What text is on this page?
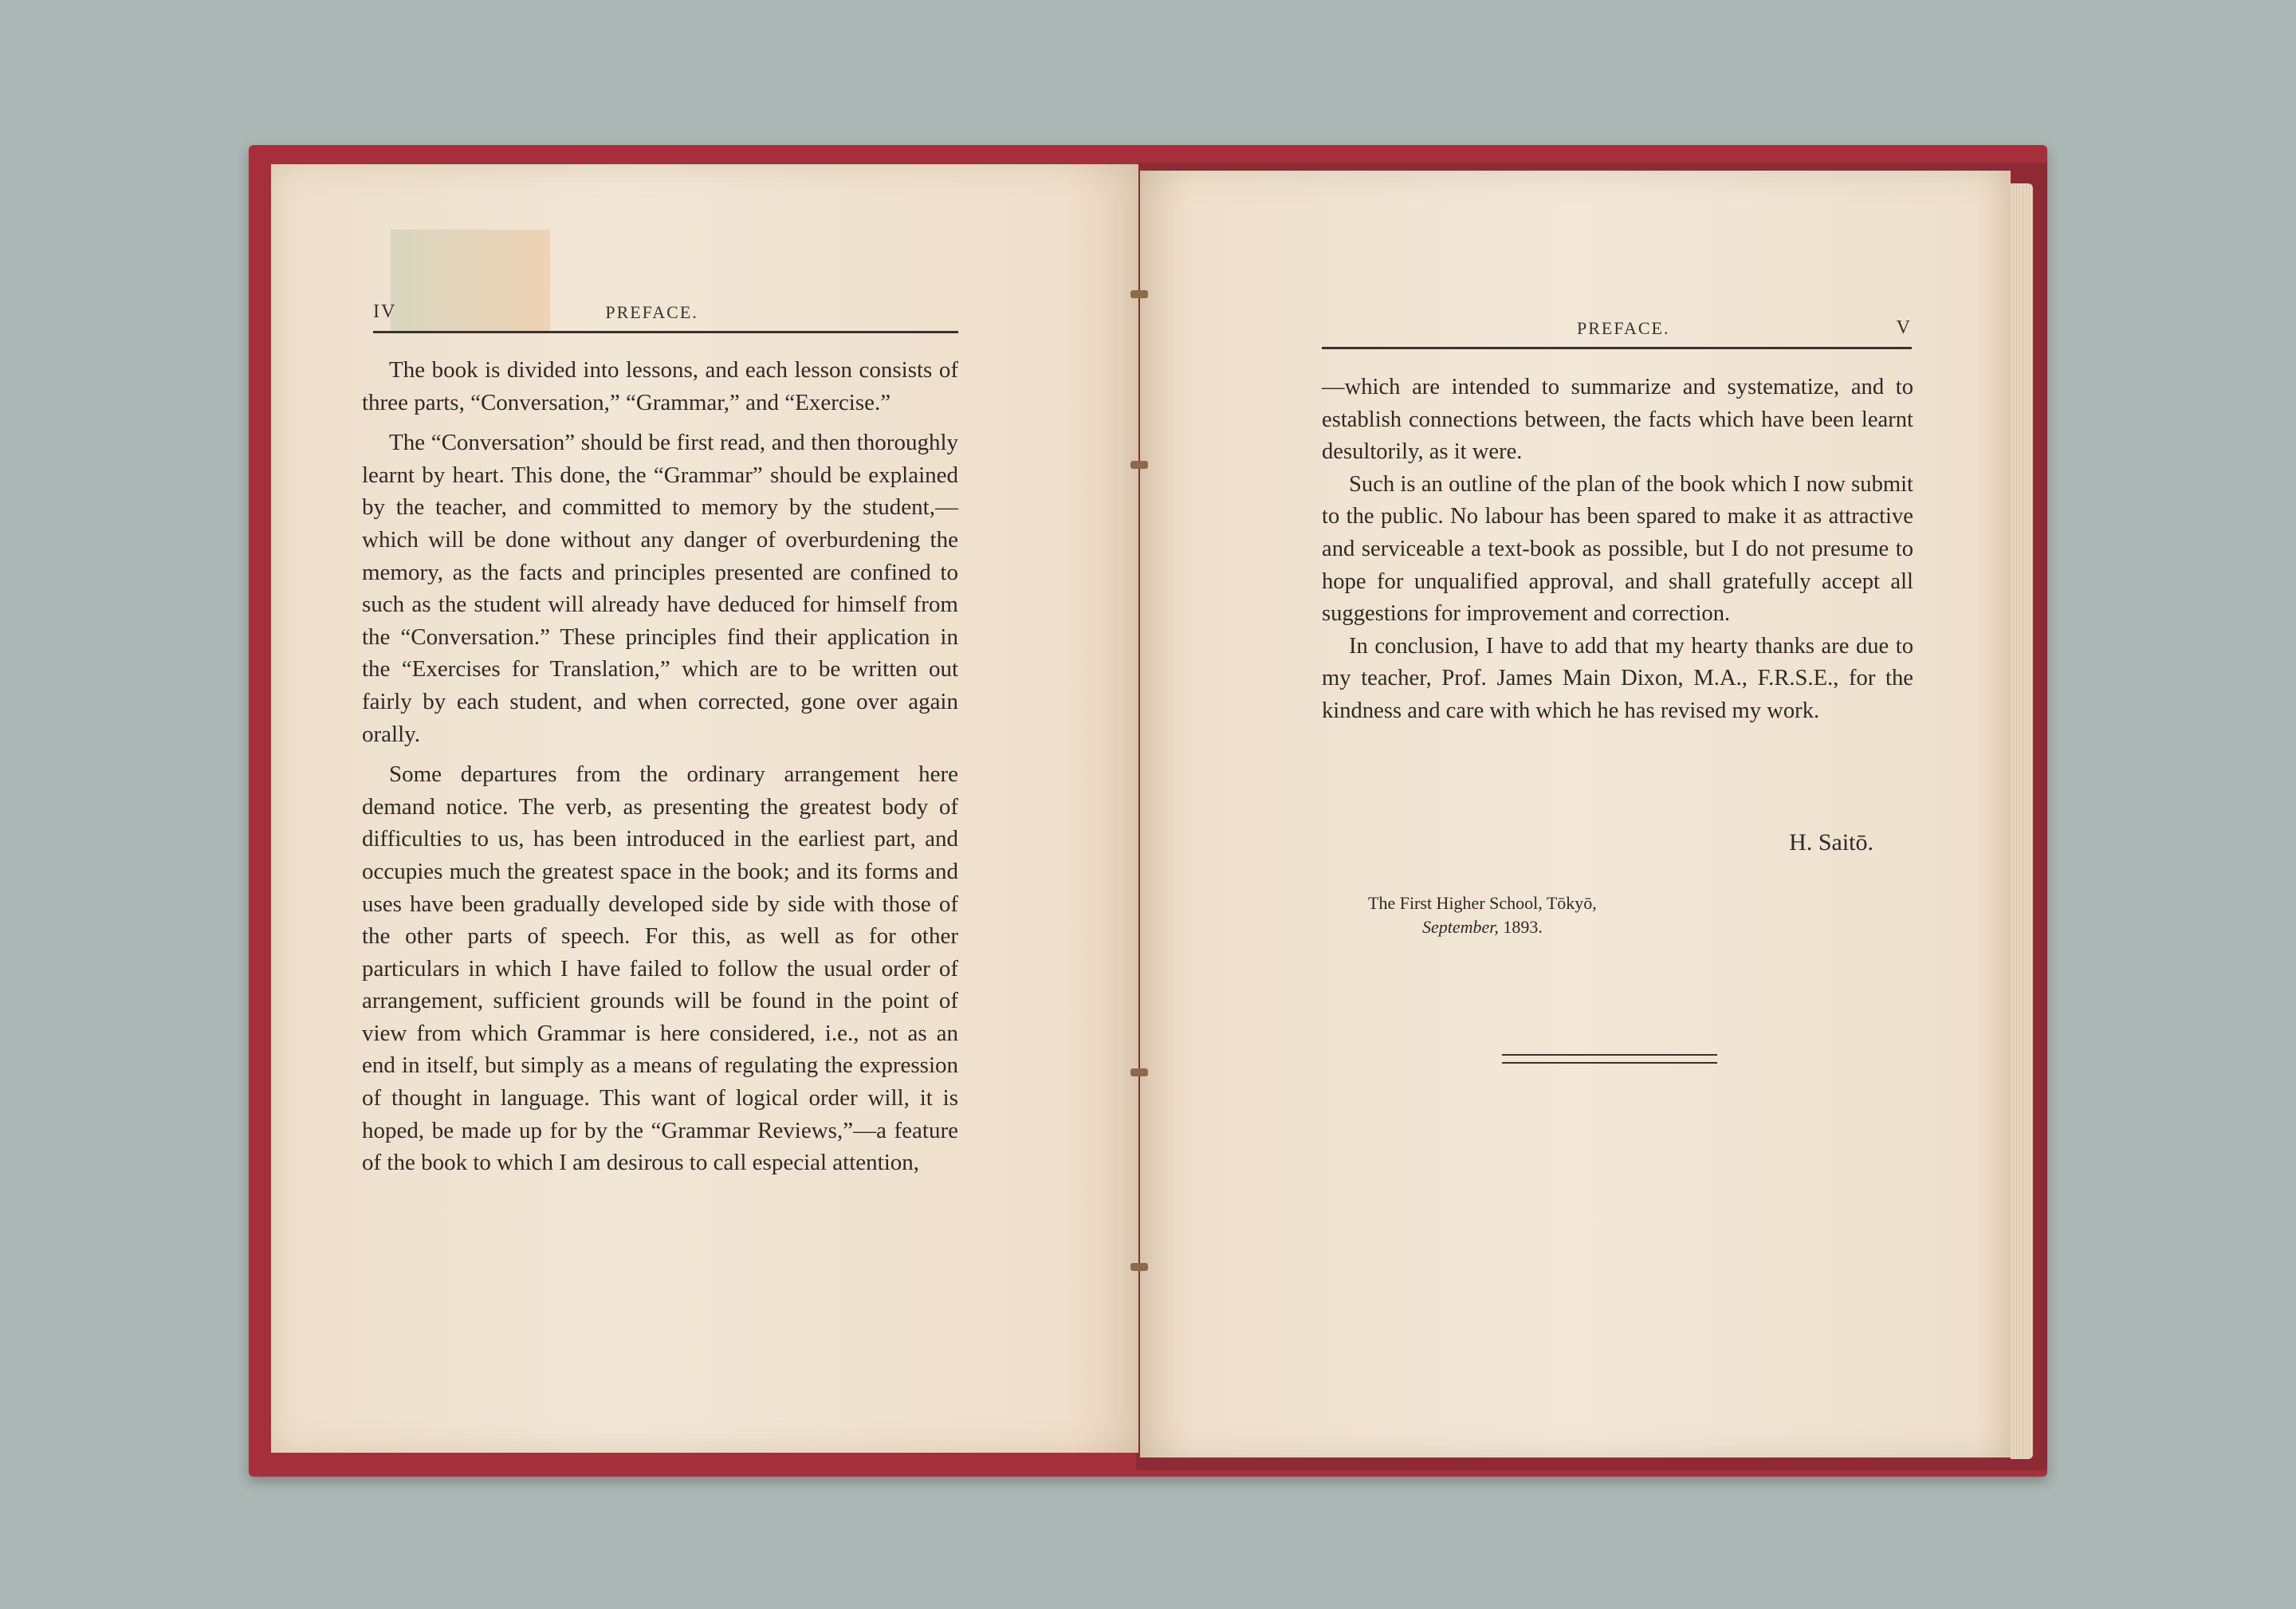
IV	PREFACE.

The book is divided into lessons, and each lesson consists of three parts, “Conversation,” “Grammar,” and “Exercise.”

The “Conversation” should be first read, and then thoroughly learnt by heart. This done, the “Grammar” should be explained by the teacher, and committed to memory by the student,—which will be done without any danger of overburdening the memory, as the facts and principles presented are confined to such as the student will already have deduced for himself from the “Conversation.” These principles find their application in the “Exercises for Translation,” which are to be written out fairly by each student, and when corrected, gone over again orally.

Some departures from the ordinary arrangement here demand notice. The verb, as presenting the greatest body of difficulties to us, has been introduced in the earliest part, and occupies much the greatest space in the book; and its forms and uses have been gradually developed side by side with those of the other parts of speech. For this, as well as for other particulars in which I have failed to follow the usual order of arrangement, sufficient grounds will be found in the point of view from which Grammar is here considered, i.e., not as an end in itself, but simply as a means of regulating the expression of thought in language. This want of logical order will, it is hoped, be made up for by the “Grammar Reviews,”—a feature of the book to which I am desirous to call especial attention,

PREFACE.	V

—which are intended to summarize and systematize, and to establish connections between, the facts which have been learnt desultorily, as it were.

Such is an outline of the plan of the book which I now submit to the public. No labour has been spared to make it as attractive and serviceable a text-book as possible, but I do not presume to hope for unqualified approval, and shall gratefully accept all suggestions for improvement and correction.

In conclusion, I have to add that my hearty thanks are due to my teacher, Prof. James Main Dixon, M.A., F.R.S.E., for the kindness and care with which he has revised my work.

H. Saitō.
The First Higher School, Tōkyō,
September, 1893.
